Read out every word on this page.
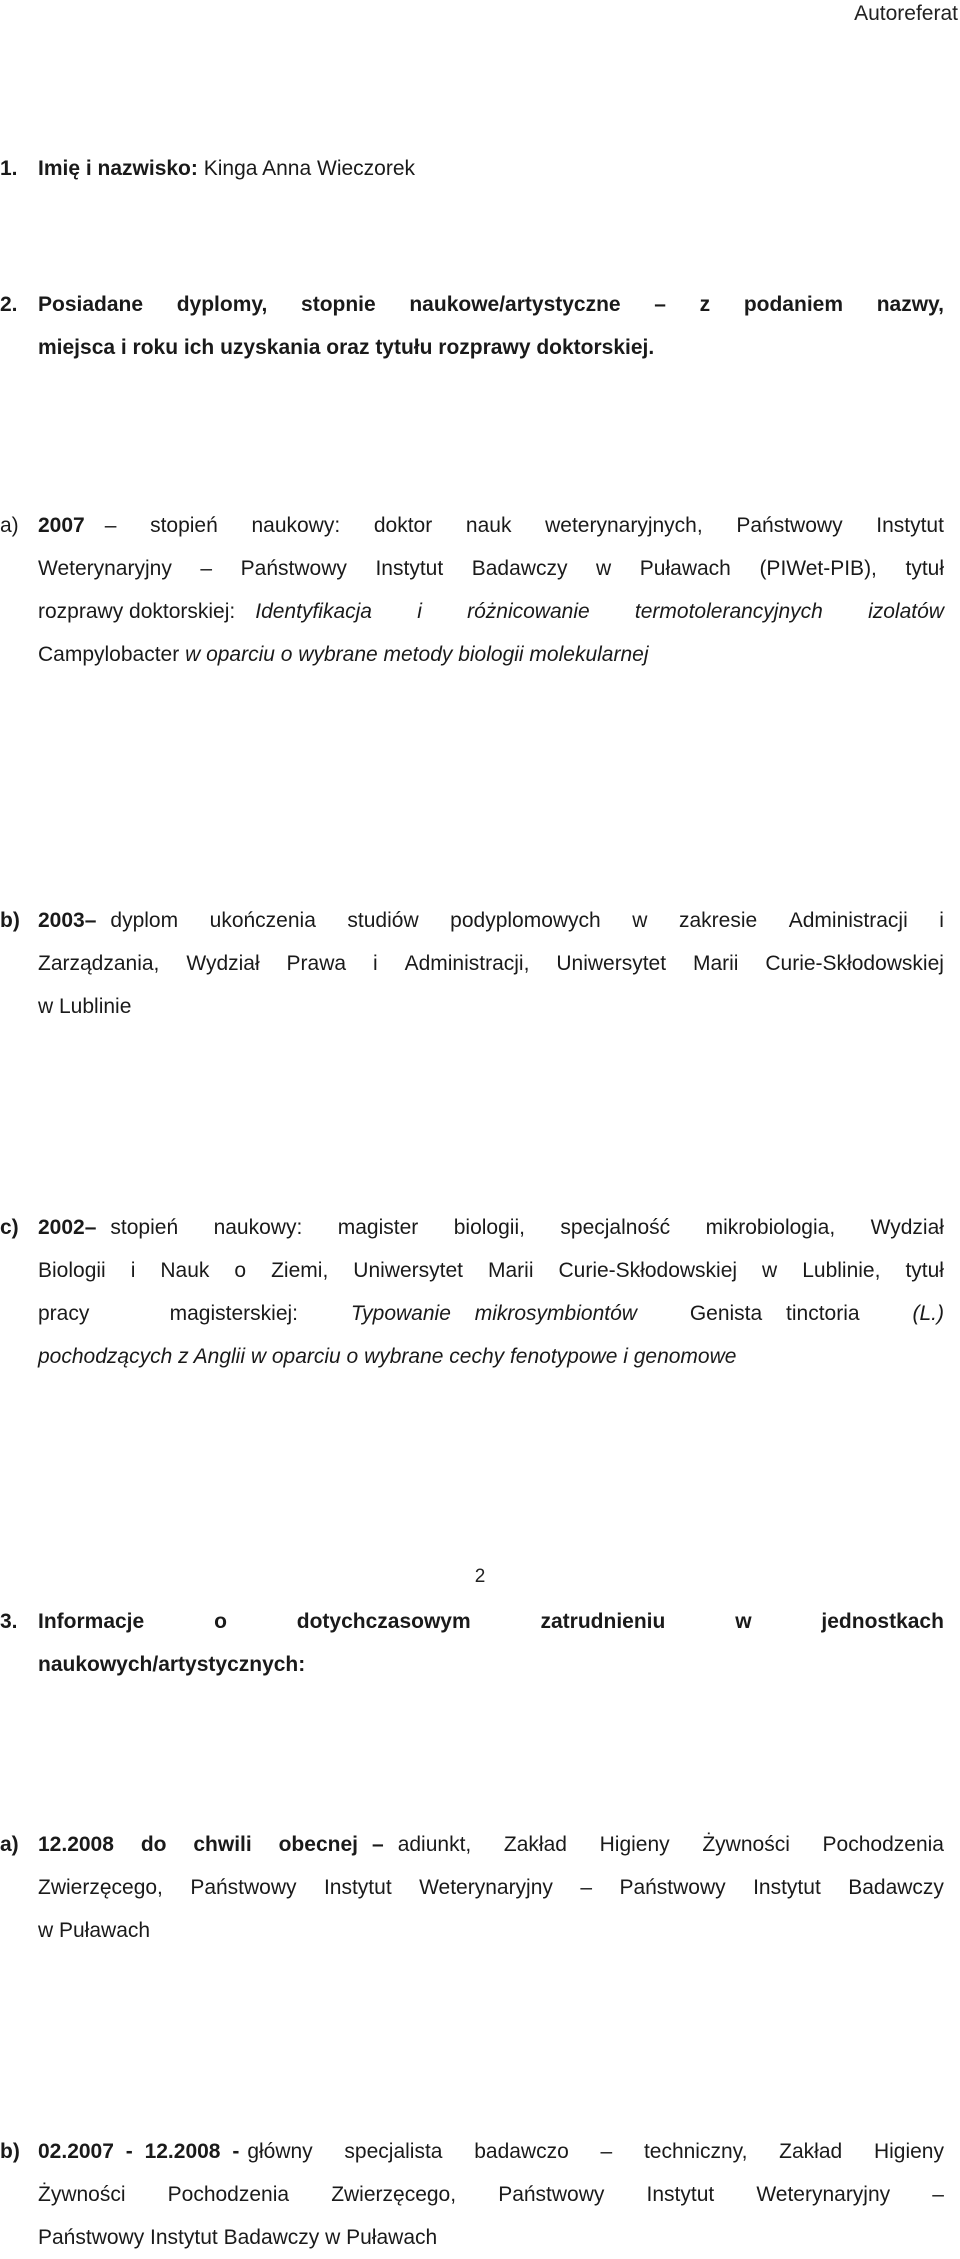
Autoreferat
1. Imię i nazwisko: Kinga Anna Wieczorek
2. Posiadane dyplomy, stopnie naukowe/artystyczne – z podaniem nazwy,
miejsca i roku ich uzyskania oraz tytułu rozprawy doktorskiej.
a) 2007 – stopień naukowy: doktor nauk weterynaryjnych, Państwowy Instytut
Weterynaryjny – Państwowy Instytut Badawczy w Puławach (PIWet-PIB), tytuł
rozprawy doktorskiej: Identyfikacja i różnicowanie termotolerancyjnych izolatów
Campylobacter w oparciu o wybrane metody biologii molekularnej
b) 2003 – dyplom ukończenia studiów podyplomowych w zakresie Administracji i
Zarządzania, Wydział Prawa i Administracji, Uniwersytet Marii Curie-Skłodowskiej
w Lublinie
c) 2002 – stopień naukowy: magister biologii, specjalność mikrobiologia, Wydział
Biologii i Nauk o Ziemi, Uniwersytet Marii Curie-Skłodowskiej w Lublinie, tytuł
pracy	magisterskiej:	Typowanie mikrosymbiontów	Genista tinctoria	(L.)
pochodzących z Anglii w oparciu o wybrane cechy fenotypowe i genomowe
3. Informacje	o	dotychczasowym	zatrudnieniu	w	jednostkach
naukowych/artystycznych:
a) 12.2008 do chwili obecnej – adiunkt, Zakład Higieny Żywności Pochodzenia
Zwierzęcego, Państwowy Instytut Weterynaryjny – Państwowy Instytut Badawczy
w Puławach
b) 02.2007 - 12.2008 - główny specjalista badawczo – techniczny, Zakład Higieny
Żywności Pochodzenia Zwierzęcego, Państwowy Instytut Weterynaryjny –
Państwowy Instytut Badawczy w Puławach
2
